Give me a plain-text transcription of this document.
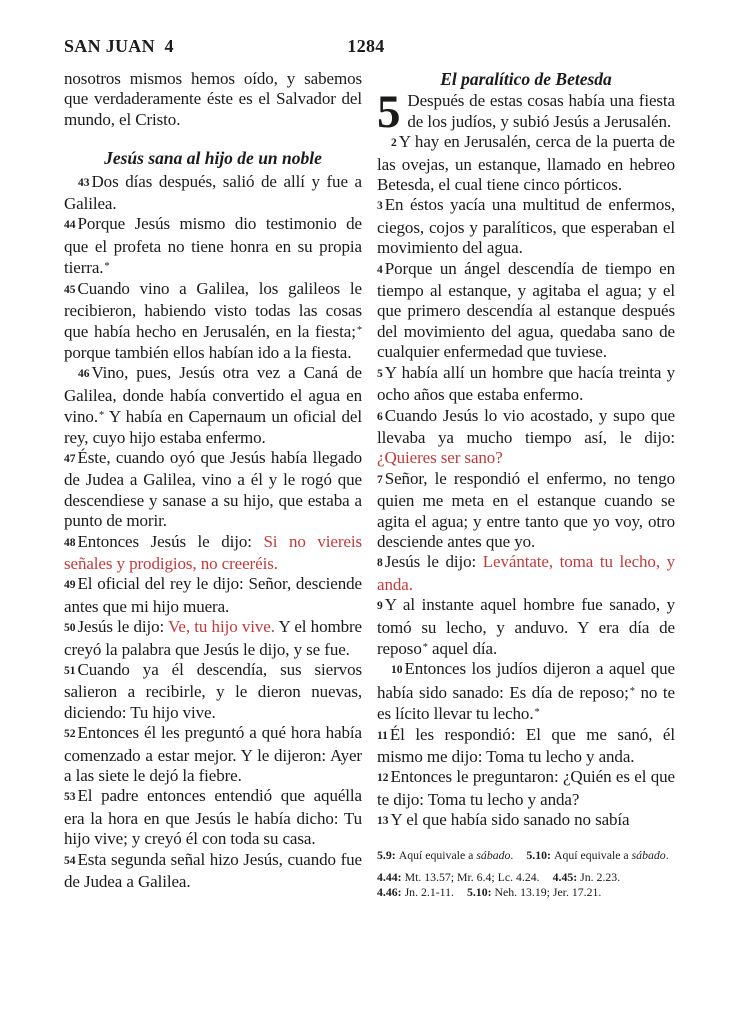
SAN JUAN  4	1284

nosotros mismos hemos oído, y sabemos que verdaderamente éste es el Salvador del mundo, el Cristo.

Jesús sana al hijo de un noble

43 Dos días después, salió de allí y fue a Galilea.

44 Porque Jesús mismo dio testimonio de que el profeta no tiene honra en su propia tierra.*

45 Cuando vino a Galilea, los galileos le recibieron, habiendo visto todas las cosas que había hecho en Jerusalén, en la fiesta;* porque también ellos habían ido a la fiesta.

46 Vino, pues, Jesús otra vez a Caná de Galilea, donde había convertido el agua en vino.* Y había en Capernaum un oficial del rey, cuyo hijo estaba enfermo.

47 Éste, cuando oyó que Jesús había llegado de Judea a Galilea, vino a él y le rogó que descendiese y sanase a su hijo, que estaba a punto de morir.

48 Entonces Jesús le dijo: Si no viereis señales y prodigios, no creeréis.

49 El oficial del rey le dijo: Señor, desciende antes que mi hijo muera.

50 Jesús le dijo: Ve, tu hijo vive. Y el hombre creyó la palabra que Jesús le dijo, y se fue.

51 Cuando ya él descendía, sus siervos salieron a recibirle, y le dieron nuevas, diciendo: Tu hijo vive.

52 Entonces él les preguntó a qué hora había comenzado a estar mejor. Y le dijeron: Ayer a las siete le dejó la fiebre.

53 El padre entonces entendió que aquélla era la hora en que Jesús le había dicho: Tu hijo vive; y creyó él con toda su casa.

54 Esta segunda señal hizo Jesús, cuando fue de Judea a Galilea.

El paralítico de Betesda

5 Después de estas cosas había una fiesta de los judíos, y subió Jesús a Jerusalén.

2 Y hay en Jerusalén, cerca de la puerta de las ovejas, un estanque, llamado en hebreo Betesda, el cual tiene cinco pórticos.

3 En éstos yacía una multitud de enfermos, ciegos, cojos y paralíticos, que esperaban el movimiento del agua.

4 Porque un ángel descendía de tiempo en tiempo al estanque, y agitaba el agua; y el que primero descendía al estanque después del movimiento del agua, quedaba sano de cualquier enfermedad que tuviese.

5 Y había allí un hombre que hacía treinta y ocho años que estaba enfermo.

6 Cuando Jesús lo vio acostado, y supo que llevaba ya mucho tiempo así, le dijo: ¿Quieres ser sano?

7 Señor, le respondió el enfermo, no tengo quien me meta en el estanque cuando se agita el agua; y entre tanto que yo voy, otro desciende antes que yo.

8 Jesús le dijo: Levántate, toma tu lecho, y anda.

9 Y al instante aquel hombre fue sanado, y tomó su lecho, y anduvo. Y era día de reposo* aquel día.

10 Entonces los judíos dijeron a aquel que había sido sanado: Es día de reposo;* no te es lícito llevar tu lecho.*

11 Él les respondió: El que me sanó, él mismo me dijo: Toma tu lecho y anda.

12 Entonces le preguntaron: ¿Quién es el que te dijo: Toma tu lecho y anda?

13 Y el que había sido sanado no sabía

5.9: Aquí equivale a sábado. 5.10: Aquí equivale a sábado.
4.44: Mt. 13.57; Mr. 6.4; Lc. 4.24. 4.45: Jn. 2.23.
4.46: Jn. 2.1-11. 5.10: Neh. 13.19; Jer. 17.21.
